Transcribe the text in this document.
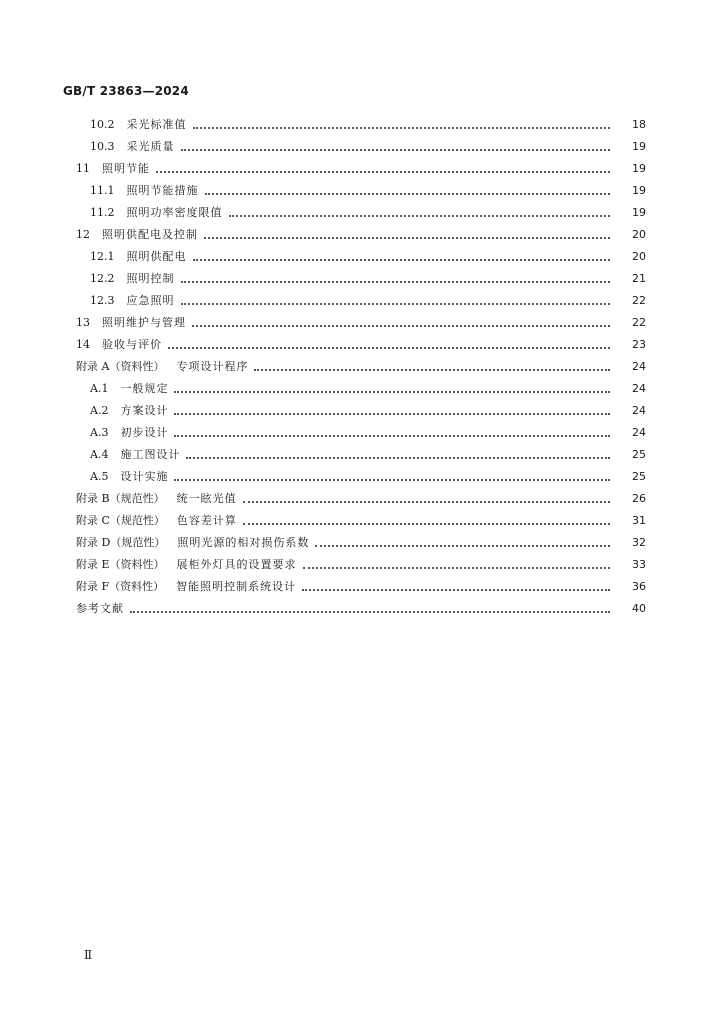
GB/T 23863—2024
10.2 采光标准值	18
10.3 采光质量	19
11 照明节能	19
11.1 照明节能措施	19
11.2 照明功率密度限值	19
12 照明供配电及控制	20
12.1 照明供配电	20
12.2 照明控制	21
12.3 应急照明	22
13 照明维护与管理	22
14 验收与评价	23
附录 A（资料性） 专项设计程序	24
A.1 一般规定	24
A.2 方案设计	24
A.3 初步设计	24
A.4 施工图设计	25
A.5 设计实施	25
附录 B（规范性） 统一眩光值	26
附录 C（规范性） 色容差计算	31
附录 D（规范性） 照明光源的相对损伤系数	32
附录 E（资料性） 展柜外灯具的设置要求	33
附录 F（资料性） 智能照明控制系统设计	36
参考文献	40
Ⅱ
